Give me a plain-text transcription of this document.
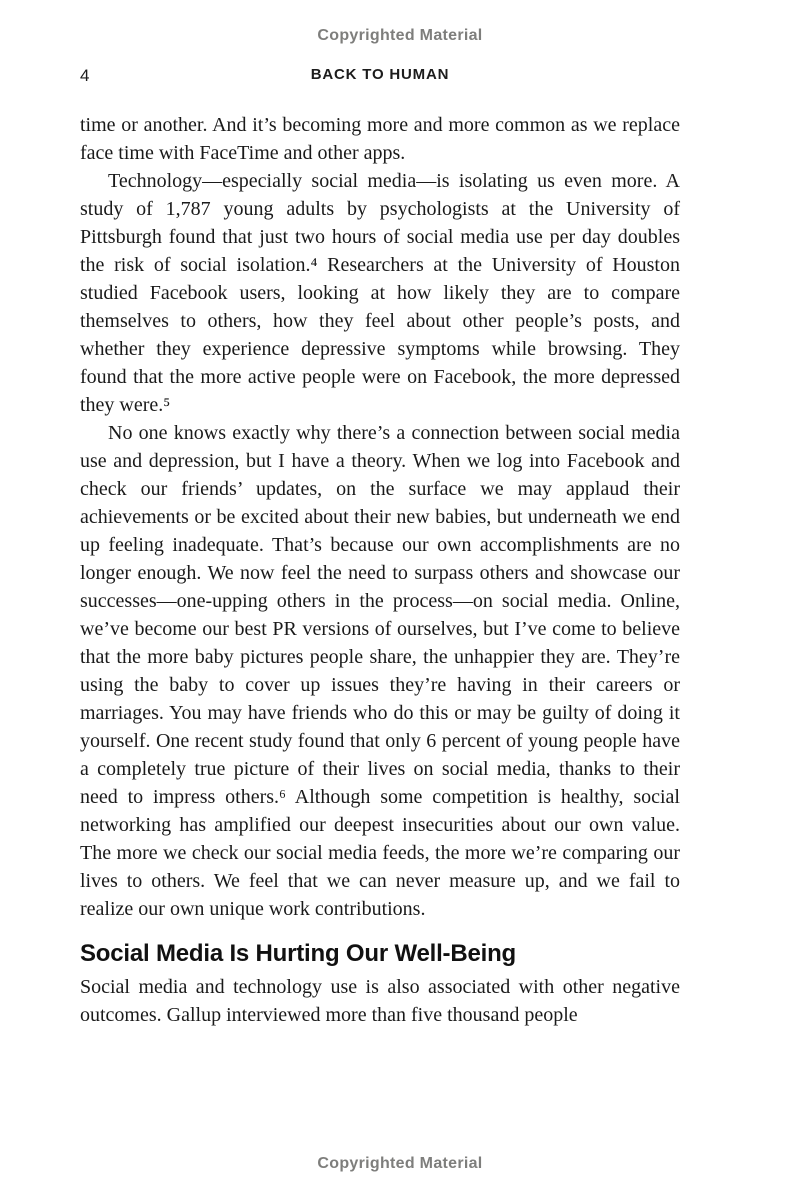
Copyrighted Material
4	BACK TO HUMAN

time or another. And it’s becoming more and more common as we replace face time with FaceTime and other apps.

Technology—especially social media—is isolating us even more. A study of 1,787 young adults by psychologists at the University of Pittsburgh found that just two hours of social media use per day doubles the risk of social isolation.⁴ Researchers at the University of Houston studied Facebook users, looking at how likely they are to compare themselves to others, how they feel about other people’s posts, and whether they experience depressive symptoms while browsing. They found that the more active people were on Facebook, the more depressed they were.⁵

No one knows exactly why there’s a connection between social media use and depression, but I have a theory. When we log into Facebook and check our friends’ updates, on the surface we may applaud their achievements or be excited about their new babies, but underneath we end up feeling inadequate. That’s because our own accomplishments are no longer enough. We now feel the need to surpass others and showcase our successes—one-upping others in the process—on social media. Online, we’ve become our best PR versions of ourselves, but I’ve come to believe that the more baby pictures people share, the unhappier they are. They’re using the baby to cover up issues they’re having in their careers or marriages. You may have friends who do this or may be guilty of doing it yourself. One recent study found that only 6 percent of young people have a completely true picture of their lives on social media, thanks to their need to impress others.⁶ Although some competition is healthy, social networking has amplified our deepest insecurities about our own value. The more we check our social media feeds, the more we’re comparing our lives to others. We feel that we can never measure up, and we fail to realize our own unique work contributions.

Social Media Is Hurting Our Well-Being

Social media and technology use is also associated with other negative outcomes. Gallup interviewed more than five thousand people

Copyrighted Material
